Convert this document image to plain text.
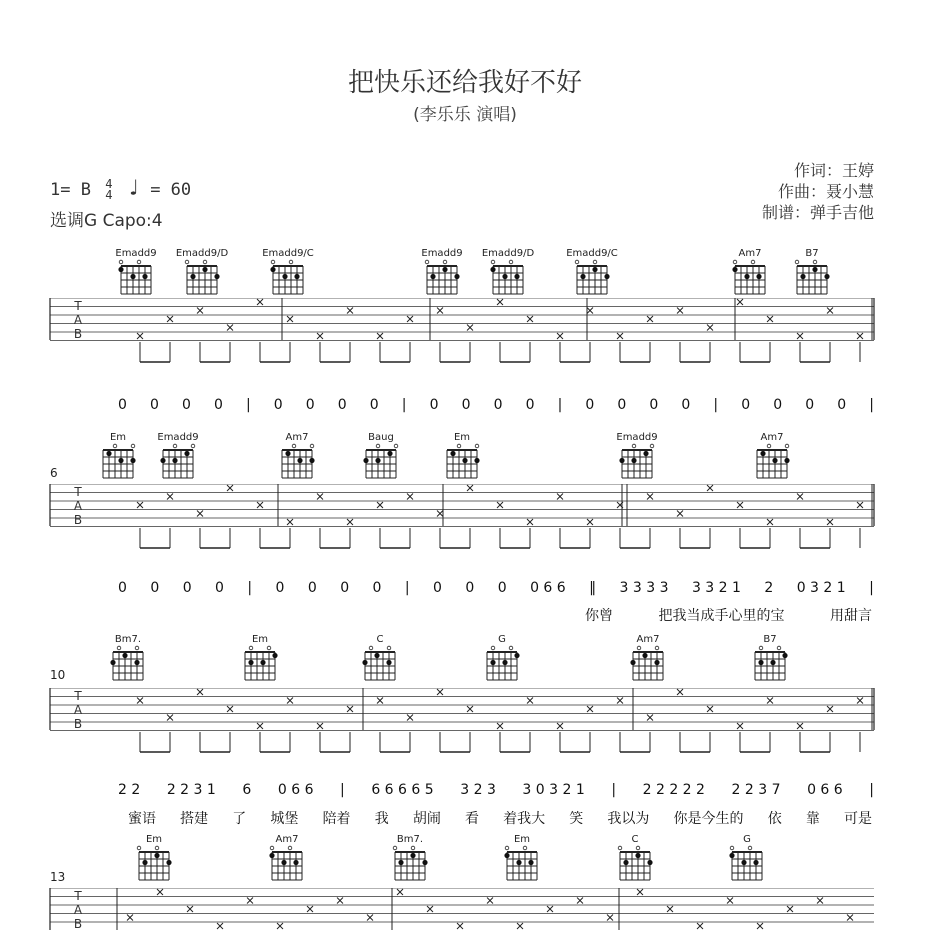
把快乐还给我好不好
(李乐乐 演唱)
1= B 4
4 ♩ = 60
选调G Capo:4
作词：王婷
作曲：聂小慧
制谱：弹手吉他
Emadd9	Emadd9/D	Emadd9/C	Emadd9	Emadd9/D	Emadd9/C	Am7	B7
T
A
B
0 0 0 0 | 0 0 0 0 | 0 0 0 0 | 0 0 0 0 | 0 0 0 0 |
6
Em	Emadd9	Am7	Baug	Em	Emadd9	Am7
T
A
B
0 0 0 0 | 0 0 0 0 | 0 0 0 0 6 6 ‖ 3 3 3 3 3 3 2 1 2 0 3 2 1 |
你曾	把我当成手心里的宝	用甜言
10
Bm7.	Em	C	G	Am7	B7
T
A
B
2 2 2 2 3 1 6 0 6 6 | 6 6 6 6 5 3 2 3 3 0 3 2 1 | 2 2 2 2 2 2 2 3 7 0 6 6 |
蜜语 搭建 了 城堡 陪着 我 胡闹 看 着我大 笑 我以为 你是今生的 依 靠 可是
13
Em	Am7	Bm7.	Em	C	G
T
A
B
